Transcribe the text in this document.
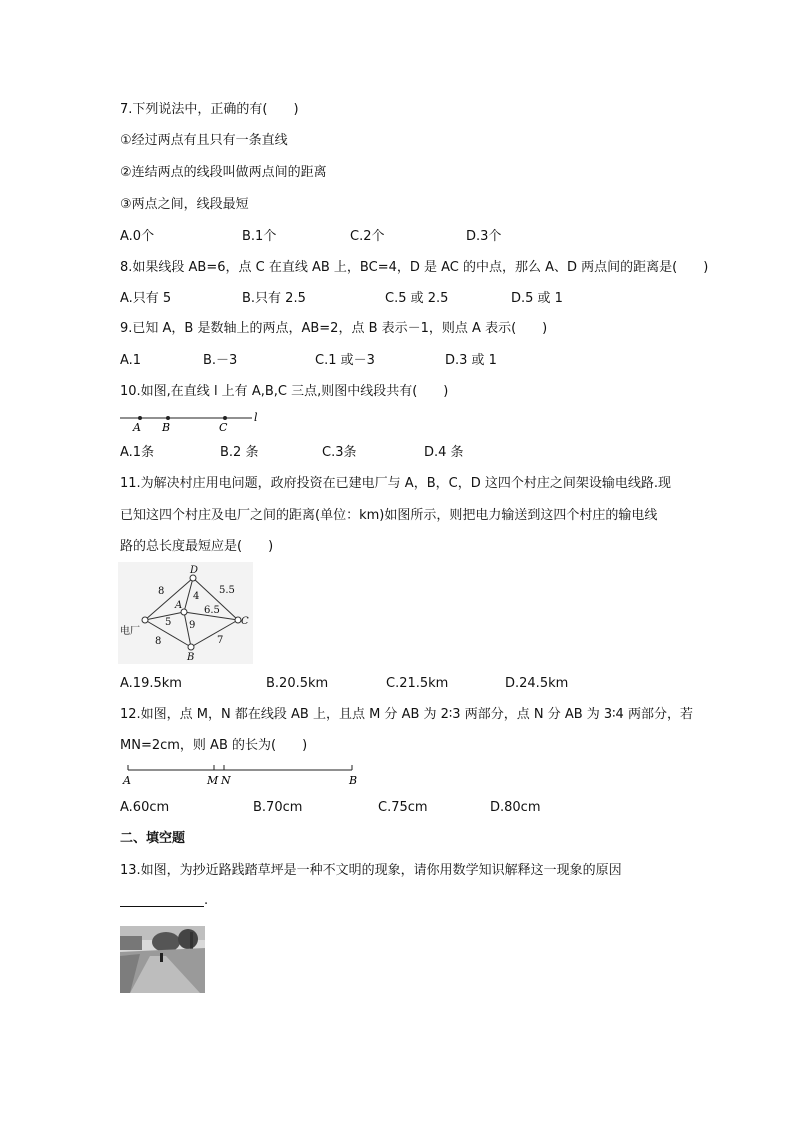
7.下列说法中，正确的有(　　)
①经过两点有且只有一条直线
②连结两点的线段叫做两点间的距离
③两点之间，线段最短
A.0个	B.1个	C.2个	D.3个
8.如果线段 AB=6，点 C 在直线 AB 上，BC=4，D 是 AC 的中点，那么 A、D 两点间的距离是(　　)
A.只有 5	B.只有 2.5	C.5 或 2.5	D.5 或 1
9.已知 A，B 是数轴上的两点，AB=2，点 B 表示－1，则点 A 表示(　　)
A.1	B.－3	C.1 或－3	D.3 或 1
10.如图,在直线 l 上有 A,B,C 三点,则图中线段共有(　　)
A B	C
l
A.1条	B.2 条	C.3条	D.4 条
11.为解决村庄用电问题，政府投资在已建电厂与 A，B，C，D 这四个村庄之间架设输电线路.现
已知这四个村庄及电厂之间的距离(单位：km)如图所示，则把电力输送到这四个村庄的输电线
路的总长度最短应是(　　)
D
A
C
B
电厂
8	4
5.5
6.5
5 9
8	7
A.19.5km	B.20.5km	C.21.5km	D.24.5km
12.如图，点 M，N 都在线段 AB 上，且点 M 分 AB 为 2∶3 两部分，点 N 分 AB 为 3∶4 两部分，若
MN=2cm，则 AB 的长为(　　)
A	M N	B
A.60cm	B.70cm	C.75cm	D.80cm
二、填空题
13.如图，为抄近路践踏草坪是一种不文明的现象，请你用数学知识解释这一现象的原因
.
